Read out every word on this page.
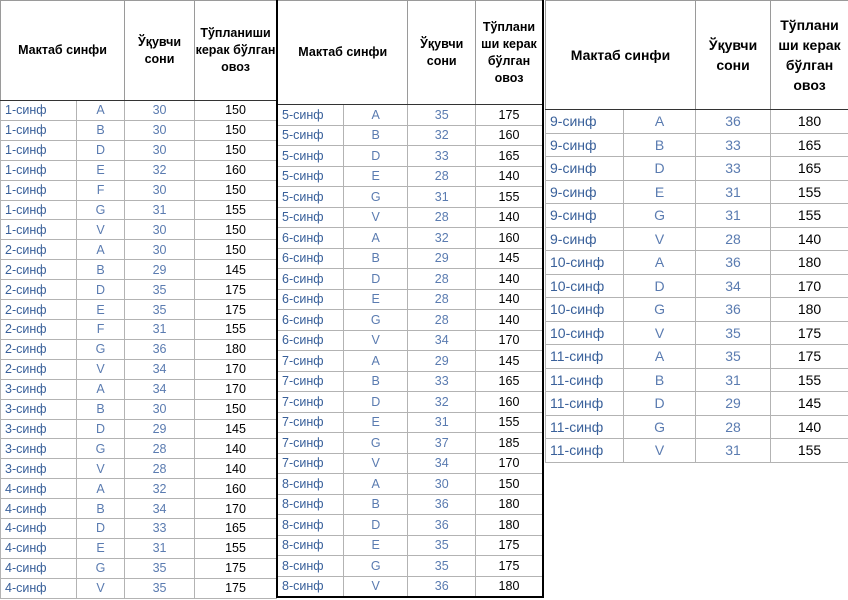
Мактаб синфи		Ўқувчи сони	Тўпланиши керак бўлган овоз
1-синф	A	30	150
1-синф	B	30	150
1-синф	D	30	150
1-синф	E	32	160
1-синф	F	30	150
1-синф	G	31	155
1-синф	V	30	150
2-синф	A	30	150
2-синф	B	29	145
2-синф	D	35	175
2-синф	E	35	175
2-синф	F	31	155
2-синф	G	36	180
2-синф	V	34	170
3-синф	A	34	170
3-синф	B	30	150
3-синф	D	29	145
3-синф	G	28	140
3-синф	V	28	140
4-синф	A	32	160
4-синф	B	34	170
4-синф	D	33	165
4-синф	E	31	155
4-синф	G	35	175
4-синф	V	35	175
Мактаб синфи		Ўқувчи сони	Тўплани ши керак бўлган овоз
5-синф	A	35	175
5-синф	B	32	160
5-синф	D	33	165
5-синф	E	28	140
5-синф	G	31	155
5-синф	V	28	140
6-синф	A	32	160
6-синф	B	29	145
6-синф	D	28	140
6-синф	E	28	140
6-синф	G	28	140
6-синф	V	34	170
7-синф	A	29	145
7-синф	B	33	165
7-синф	D	32	160
7-синф	E	31	155
7-синф	G	37	185
7-синф	V	34	170
8-синф	A	30	150
8-синф	B	36	180
8-синф	D	36	180
8-синф	E	35	175
8-синф	G	35	175
8-синф	V	36	180
Мактаб синфи		Ўқувчи сони	Тўплани ши керак бўлган овоз
9-синф	A	36	180
9-синф	B	33	165
9-синф	D	33	165
9-синф	E	31	155
9-синф	G	31	155
9-синф	V	28	140
10-синф	A	36	180
10-синф	D	34	170
10-синф	G	36	180
10-синф	V	35	175
11-синф	A	35	175
11-синф	B	31	155
11-синф	D	29	145
11-синф	G	28	140
11-синф	V	31	155
